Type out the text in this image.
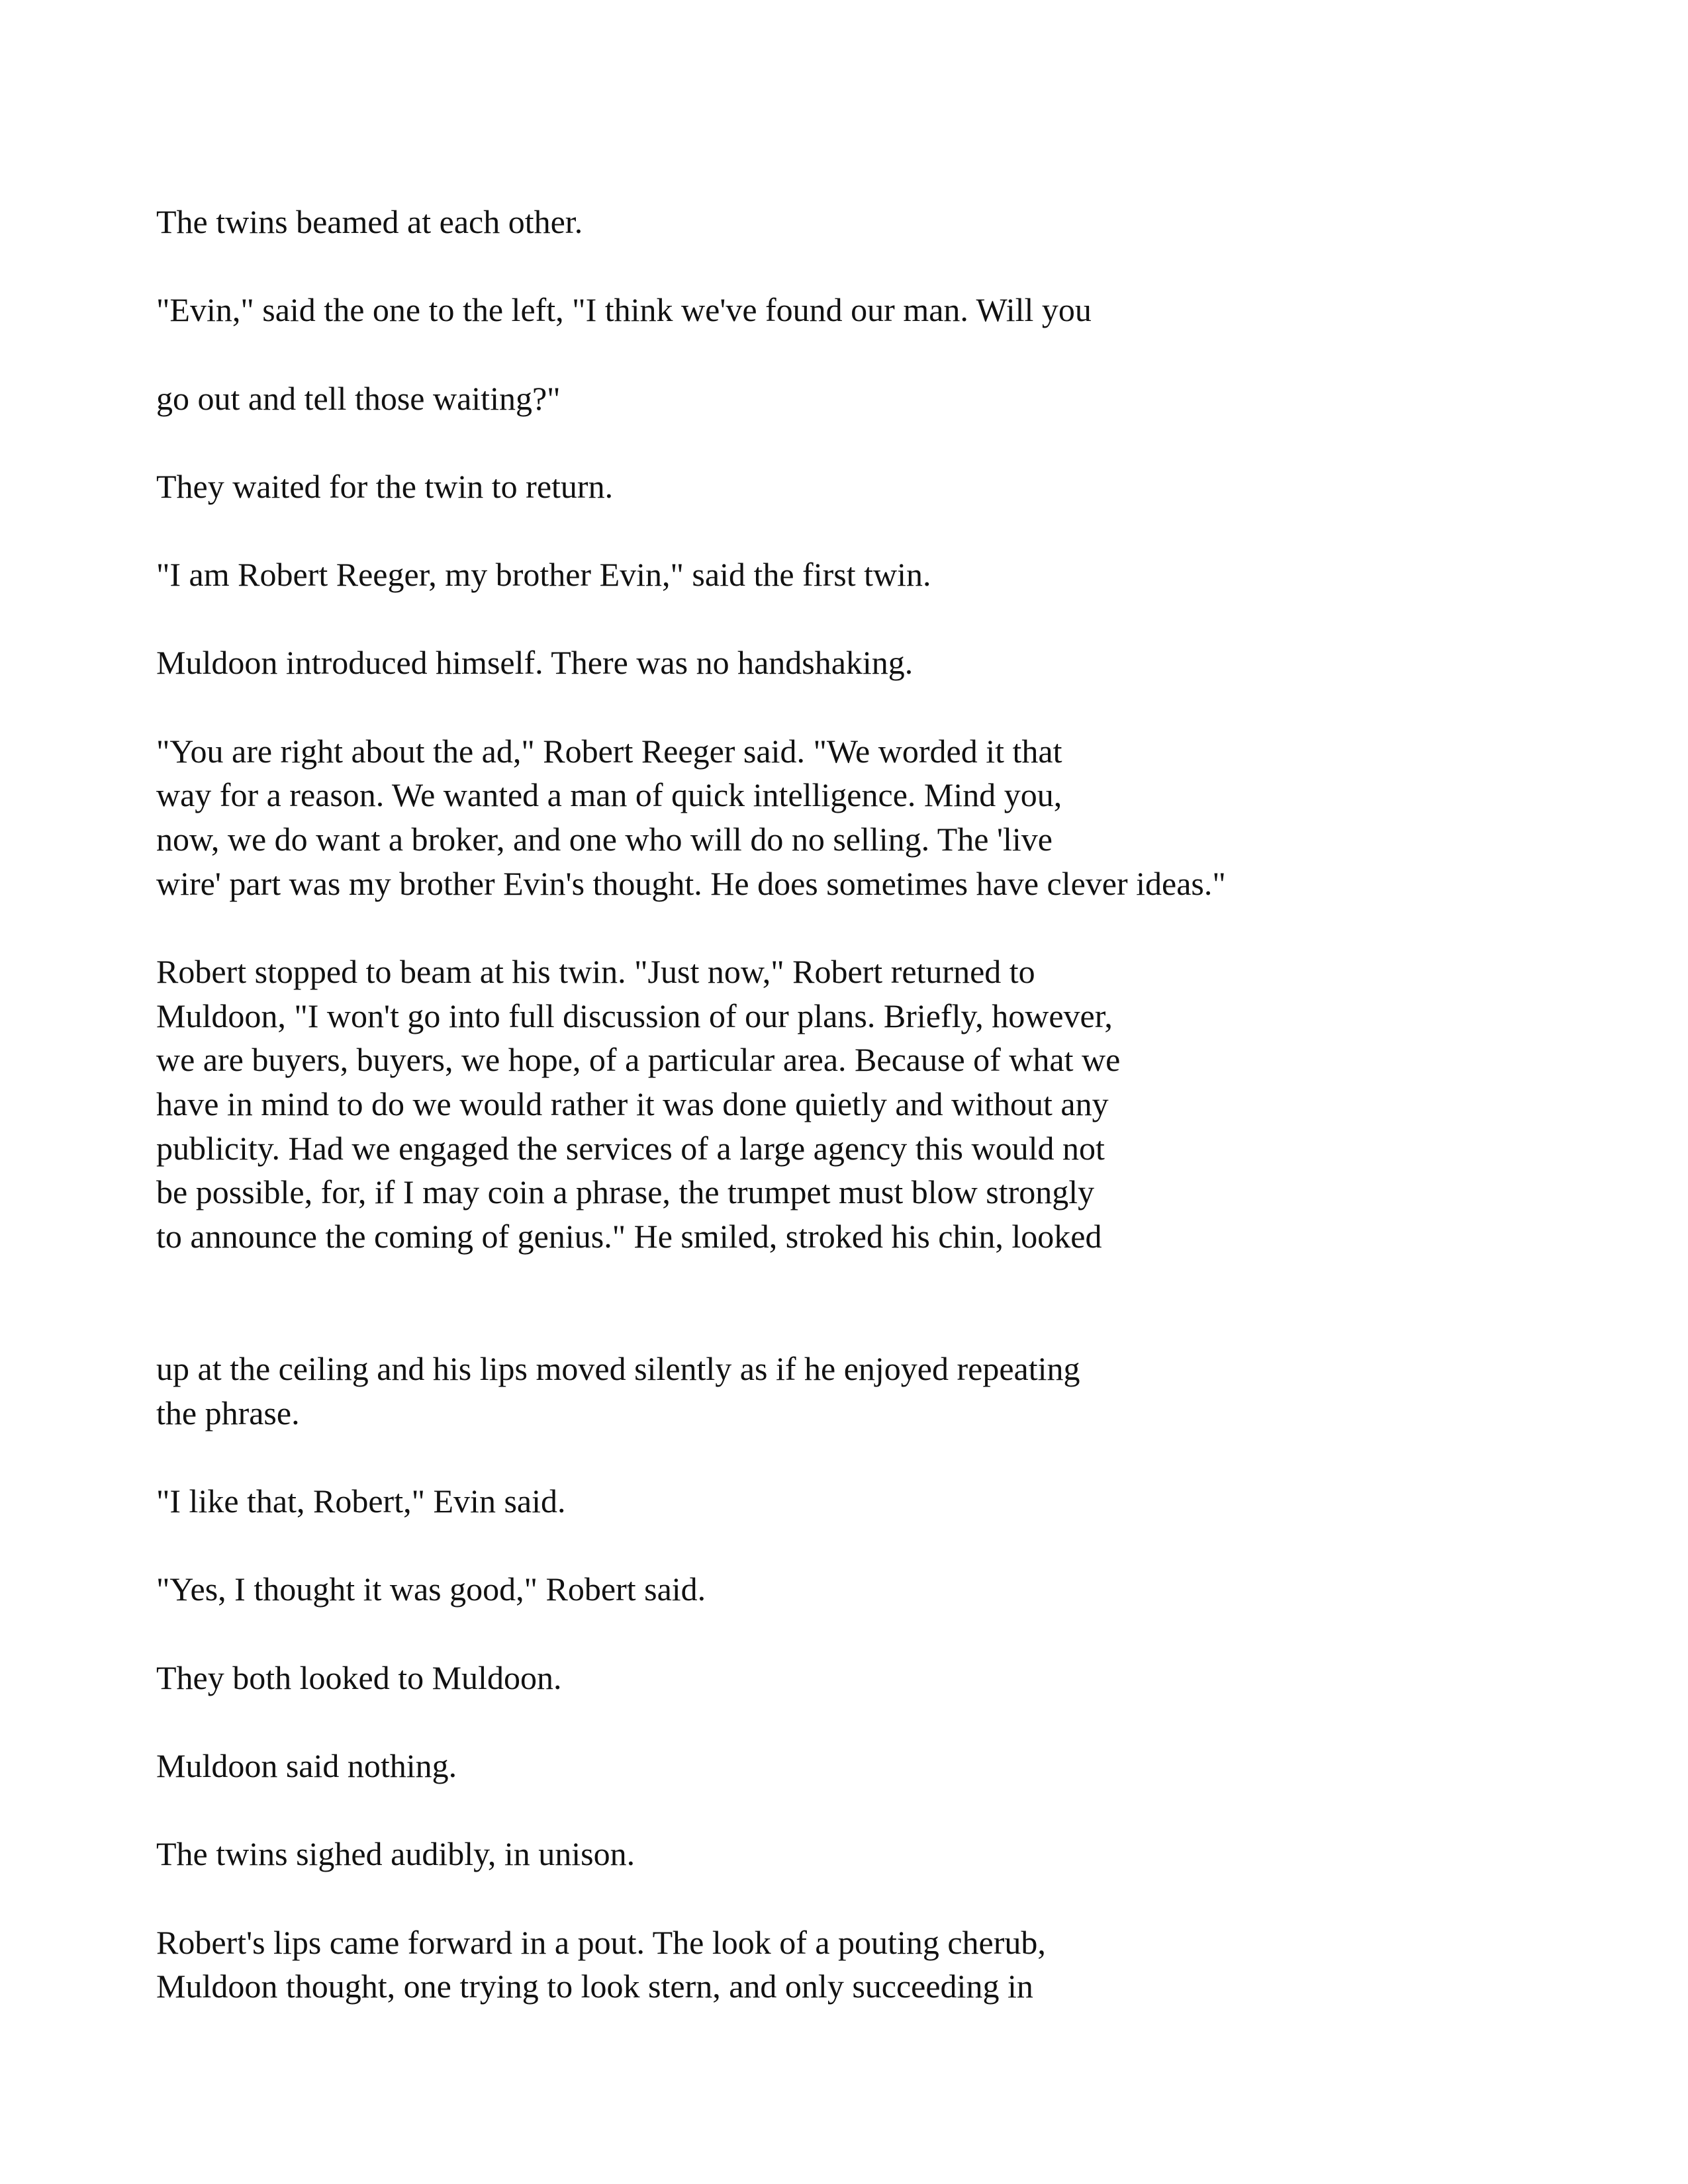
The twins beamed at each other.

"Evin," said the one to the left, "I think we've found our man. Will you

go out and tell those waiting?"

They waited for the twin to return.

"I am Robert Reeger, my brother Evin," said the first twin.

Muldoon introduced himself. There was no handshaking.

"You are right about the ad," Robert Reeger said. "We worded it that

way for a reason. We wanted a man of quick intelligence. Mind you,

now, we do want a broker, and one who will do no selling. The 'live

wire' part was my brother Evin's thought. He does sometimes have clever ideas."

Robert stopped to beam at his twin. "Just now," Robert returned to

Muldoon, "I won't go into full discussion of our plans. Briefly, however,

we are buyers, buyers, we hope, of a particular area. Because of what we

have in mind to do we would rather it was done quietly and without any

publicity. Had we engaged the services of a large agency this would not

be possible, for, if I may coin a phrase, the trumpet must blow strongly

to announce the coming of genius." He smiled, stroked his chin, looked

up at the ceiling and his lips moved silently as if he enjoyed repeating

the phrase.

"I like that, Robert," Evin said.

"Yes, I thought it was good," Robert said.

They both looked to Muldoon.

Muldoon said nothing.

The twins sighed audibly, in unison.

Robert's lips came forward in a pout. The look of a pouting cherub,

Muldoon thought, one trying to look stern, and only succeeding in
